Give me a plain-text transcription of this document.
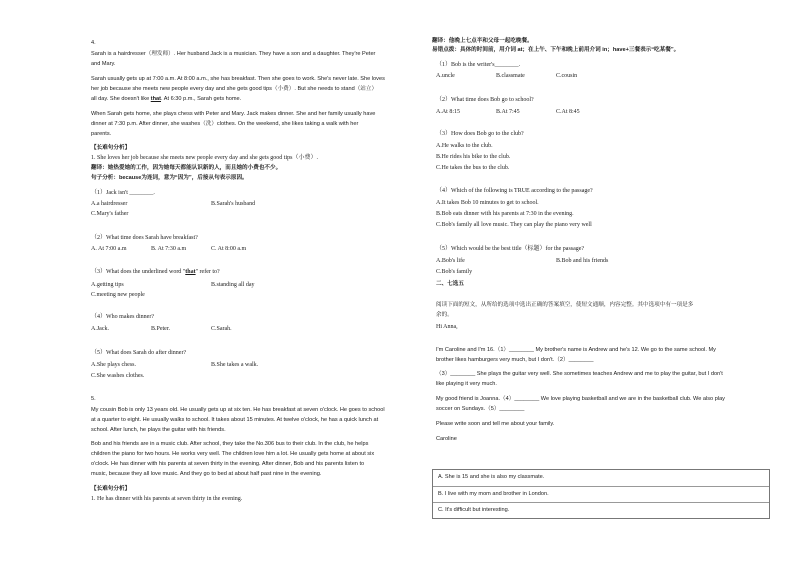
4.
Sarah is a hairdresser（理发师）. Her husband Jack is a musician. They have a son and a daughter. They're Peter
and Mary.
Sarah usually gets up at 7:00 a.m. At 8:00 a.m., she has breakfast. Then she goes to work. She's never late. She loves
her job because she meets new people every day and she gets good tips（小费）. But she needs to stand（站立）
all day. She doesn't like that. At 6:30 p.m., Sarah gets home.
When Sarah gets home, she plays chess with Peter and Mary. Jack makes dinner. She and her family usually have
dinner at 7:30 p.m. After dinner, she washes（洗）clothes. On the weekend, she likes taking a walk with her
parents.
【长难句分析】
1. She loves her job because she meets new people every day and she gets good tips（小费）.
翻译：她热爱她的工作，因为她每天都能认识新的人，而且她的小费也不少。
句子分析：because为连词，意为“因为”，后接从句表示原因。
（1）Jack isn't ________.
A.a hairdresser	B.Sarah's husband
C.Mary's father
（2）What time does Sarah have breakfast?
A. At 7:00 a.m	B. At 7:30 a.m	C. At 8:00 a.m
（3）What does the underlined word "that" refer to?
A.getting tips	B.standing all day
C.meeting new people
（4）Who makes dinner?
A.Jack.	B.Peter.	C.Sarah.
（5）What does Sarah do after dinner?
A.She plays chess.	B.She takes a walk.
C.She washes clothes.
5.
My cousin Bob is only 13 years old. He usually gets up at six ten. He has breakfast at seven o'clock. He goes to school
at a quarter to eight. He usually walks to school. It takes about 15 minutes. At twelve o'clock, he has a quick lunch at
school. After lunch, he plays the guitar with his friends.
Bob and his friends are in a music club. After school, they take the No.306 bus to their club. In the club, he helps
children the piano for two hours. He works very well. The children love him a lot. He usually gets home at about six
o'clock. He has dinner with his parents at seven thirty in the evening. After dinner, Bob and his parents listen to
music, because they all love music. And they go to bed at about half past nine in the evening.
【长难句分析】
1. He has dinner with his parents at seven thirty in the evening.
翻译：他晚上七点半和父母一起吃晚餐。
易错点拨：具体的时间前，用介词 at；在上午、下午和晚上前用介词 in；have+三餐表示“吃某餐”。
（1）Bob is the writer's________.
A.uncle	B.classmate	C.cousin
（2）What time does Bob go to school?
A.At 8:15	B.At 7:45	C.At 8:45
（3）How does Bob go to the club?
A.He walks to the club.
B.He rides his bike to the club.
C.He takes the bus to the club.
（4）Which of the following is TRUE according to the passage?
A.It takes Bob 10 minutes to get to school.
B.Bob eats dinner with his parents at 7:30 in the evening.
C.Bob's family all love music. They can play the piano very well
（5）Which would be the best title（标题）for the passage?
A.Bob's life	B.Bob and his friends
C.Bob's family
二、七选五
阅读下面的短文，从所给的选项中选出正确的答案填空，使短文通顺，内容完整。其中选项中有一项是多
余的。
Hi Anna,
I'm Caroline and I'm 16.（1）________ My brother's name is Andrew and he's 12. We go to the same school. My
brother likes hamburgers very much, but I don't.（2）________
（3）________ She plays the guitar very well. She sometimes teaches Andrew and me to play the guitar, but I don't
like playing it very much.
My good friend is Joanna.（4）________ We love playing basketball and we are in the basketball club. We also play
soccer on Sundays.（5）________
Please write soon and tell me about your family.
Caroline
A. She is 15 and she is also my classmate.
B. I live with my mom and brother in London.
C. It's difficult but interesting.
